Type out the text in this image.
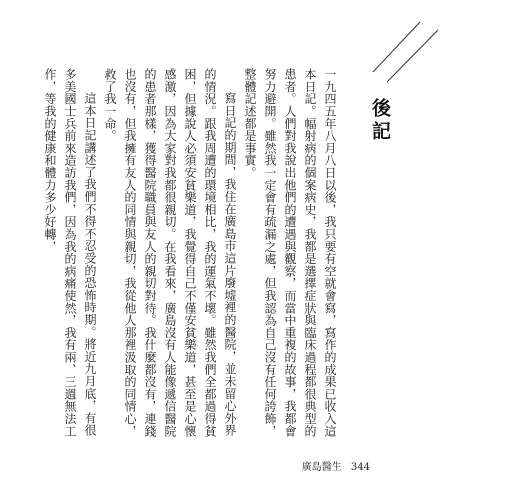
後記

一九四五年八月八日以後，我只要有空就會寫，寫作的成果已收入這本日記。幅射病的個案病史，我都是選擇症狀與臨床過程都很典型的患者。人們對我說出他們的遭遇與觀察，而當中重複的故事，我都會努力避開。雖然我一定會有疏漏之處，但我認為自己沒有任何誇飾，整體記述都是事實。

寫日記的期間，我住在廣島市這片廢墟裡的醫院，並未留心外界的情況。跟我周遭的環境相比，我的運氣不壞。雖然我們全都過得貧困，但據說人必須安貧樂道，我覺得自己不僅安貧樂道，甚至是心懷感激，因為大家對我都很親切。在我看來，廣島沒有人能像遞信醫院的患者那樣，獲得醫院職員與友人的親切對待。我什麼都沒有，連錢也沒有，但我擁有友人的同情與親切，我從他人那裡汲取的同情心，救了我一命。

這本日記講述了我們不得不忍受的恐怖時期。將近九月底，有很多美國士兵前來造訪我們，因為我的病痛使然，我有兩、三週無法工作，等我的健康和體力多少好轉，

廣島醫生 344
